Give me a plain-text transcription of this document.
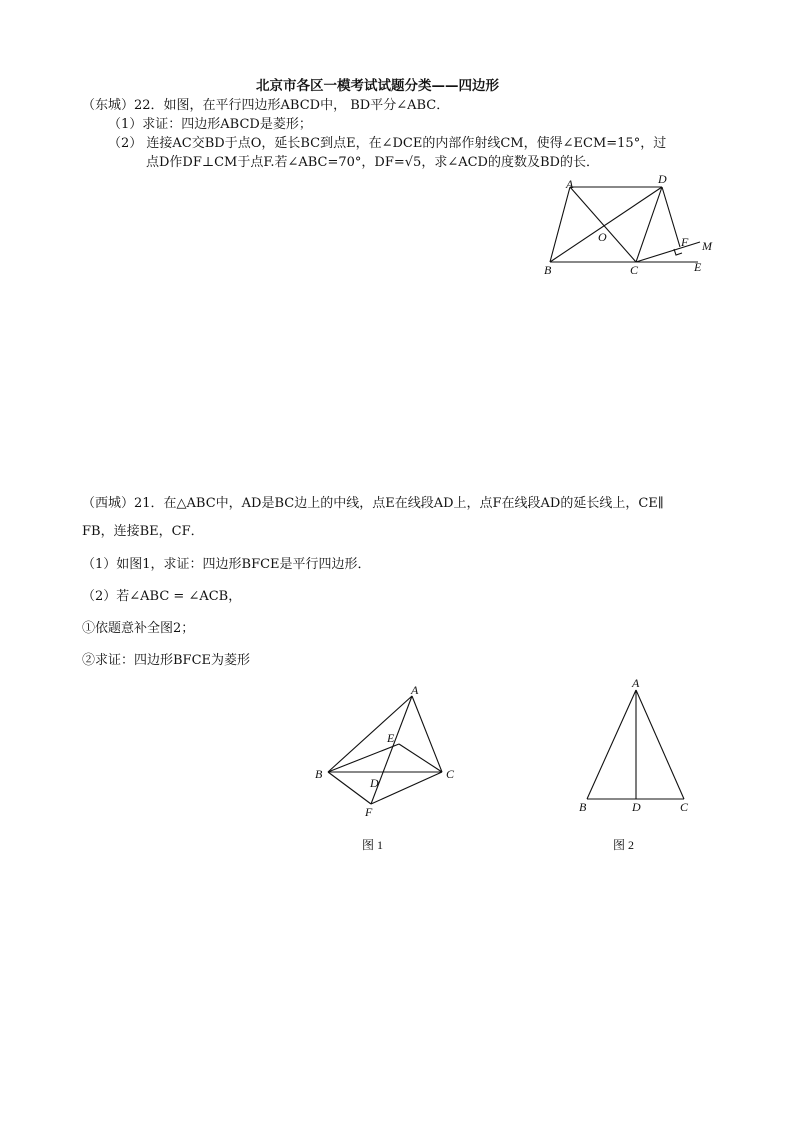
北京市各区一模考试试题分类——四边形
（东城）22．如图，在平行四边形ABCD中， BD平分∠ABC．
（1）求证：四边形ABCD是菱形；
（2） 连接AC交BD于点O，延长BC到点E，在∠DCE的内部作射线CM，使得∠ECM=15°，过
点D作DF⊥CM于点F.若∠ABC=70°，DF=√5，求∠ACD的度数及BD的长．
A	D
B	C	E
F M
O
（西城）21．在△ABC中，AD是BC边上的中线，点E在线段AD上，点F在线段AD的延长线上，CE∥
FB，连接BE，CF．
（1）如图1，求证：四边形BFCE是平行四边形．
（2）若∠ABC = ∠ACB，
①依题意补全图2；
②求证：四边形BFCE为菱形
A
E
B	C
D
F
图 1
A
B	D	C
图 2
